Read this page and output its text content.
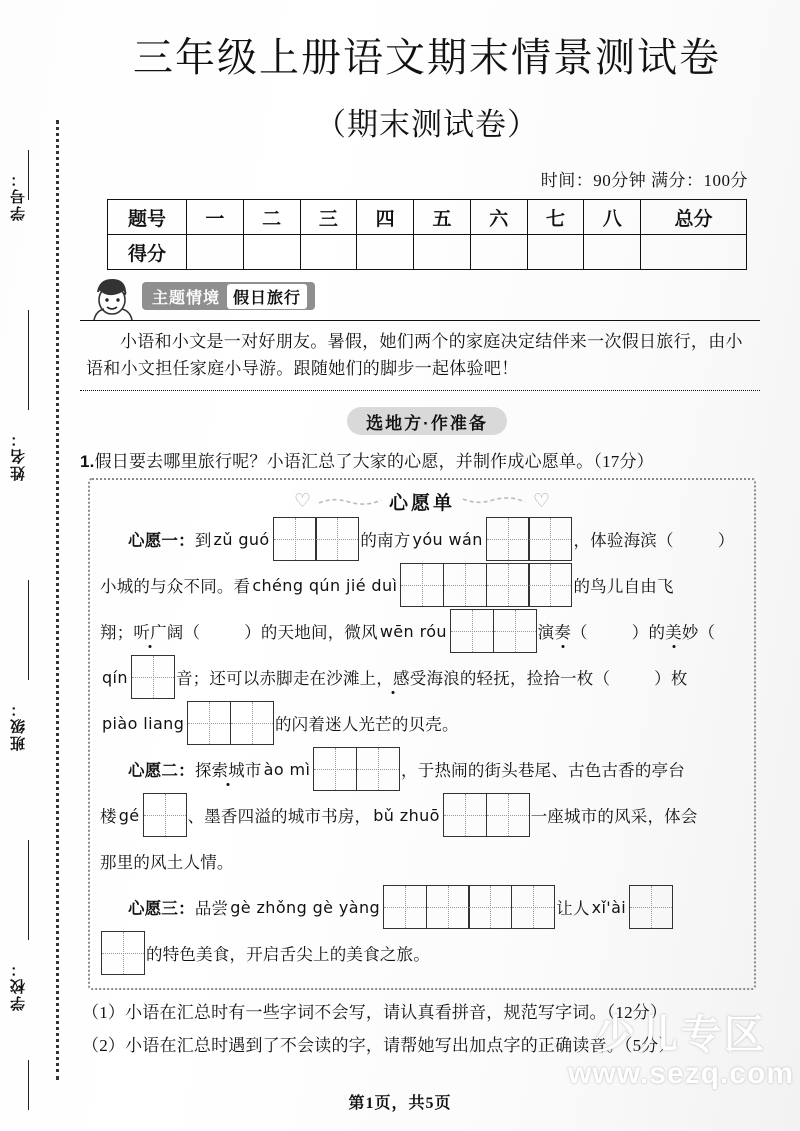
学号：
姓名：
班级：
学校：
三年级上册语文期末情景测试卷
（期末测试卷）
时间：90分钟 满分：100分
题号	一	二	三	四	五	六	七	八	总分
得分									
主题情境 假日旅行

小语和小文是一对好朋友。暑假，她们两个的家庭决定结伴来一次假日旅行，由小语和小文担任家庭小导游。跟随她们的脚步一起体验吧！

选地方·作准备
1.假日要去哪里旅行呢？小语汇总了大家的心愿，并制作成心愿单。（17分）
♡	心愿单	♡
心愿一： 到 zǔ guó	的南方 yóu wán	，体验海滨（	）
小城的与众不同。看 chéng qún jié duì	的鸟儿自由飞
翔；听广阔（	）的天地间，微风 wēn róu	演奏（	）的美妙（
qín	音；还可以赤脚走在沙滩上，感受海浪的轻抚，捡拾一枚（	）枚
piào liang	的闪着迷人光芒的贝壳。
心愿二： 探索城市 ào mì	，于热闹的街头巷尾、古色古香的亭台
楼 gé	、墨香四溢的城市书房， bǔ zhuō	一座城市的风采，体会
那里的风土人情。
心愿三： 品尝 gè zhǒng gè yàng	让人 xǐ'ài
的特色美食，开启舌尖上的美食之旅。
（1）小语在汇总时有一些字词不会写，请认真看拼音，规范写字词。（12分）
（2）小语在汇总时遇到了不会读的字，请帮她写出加点字的正确读音。（5分）
少儿专区
www.sezq.com
第1页，共5页
